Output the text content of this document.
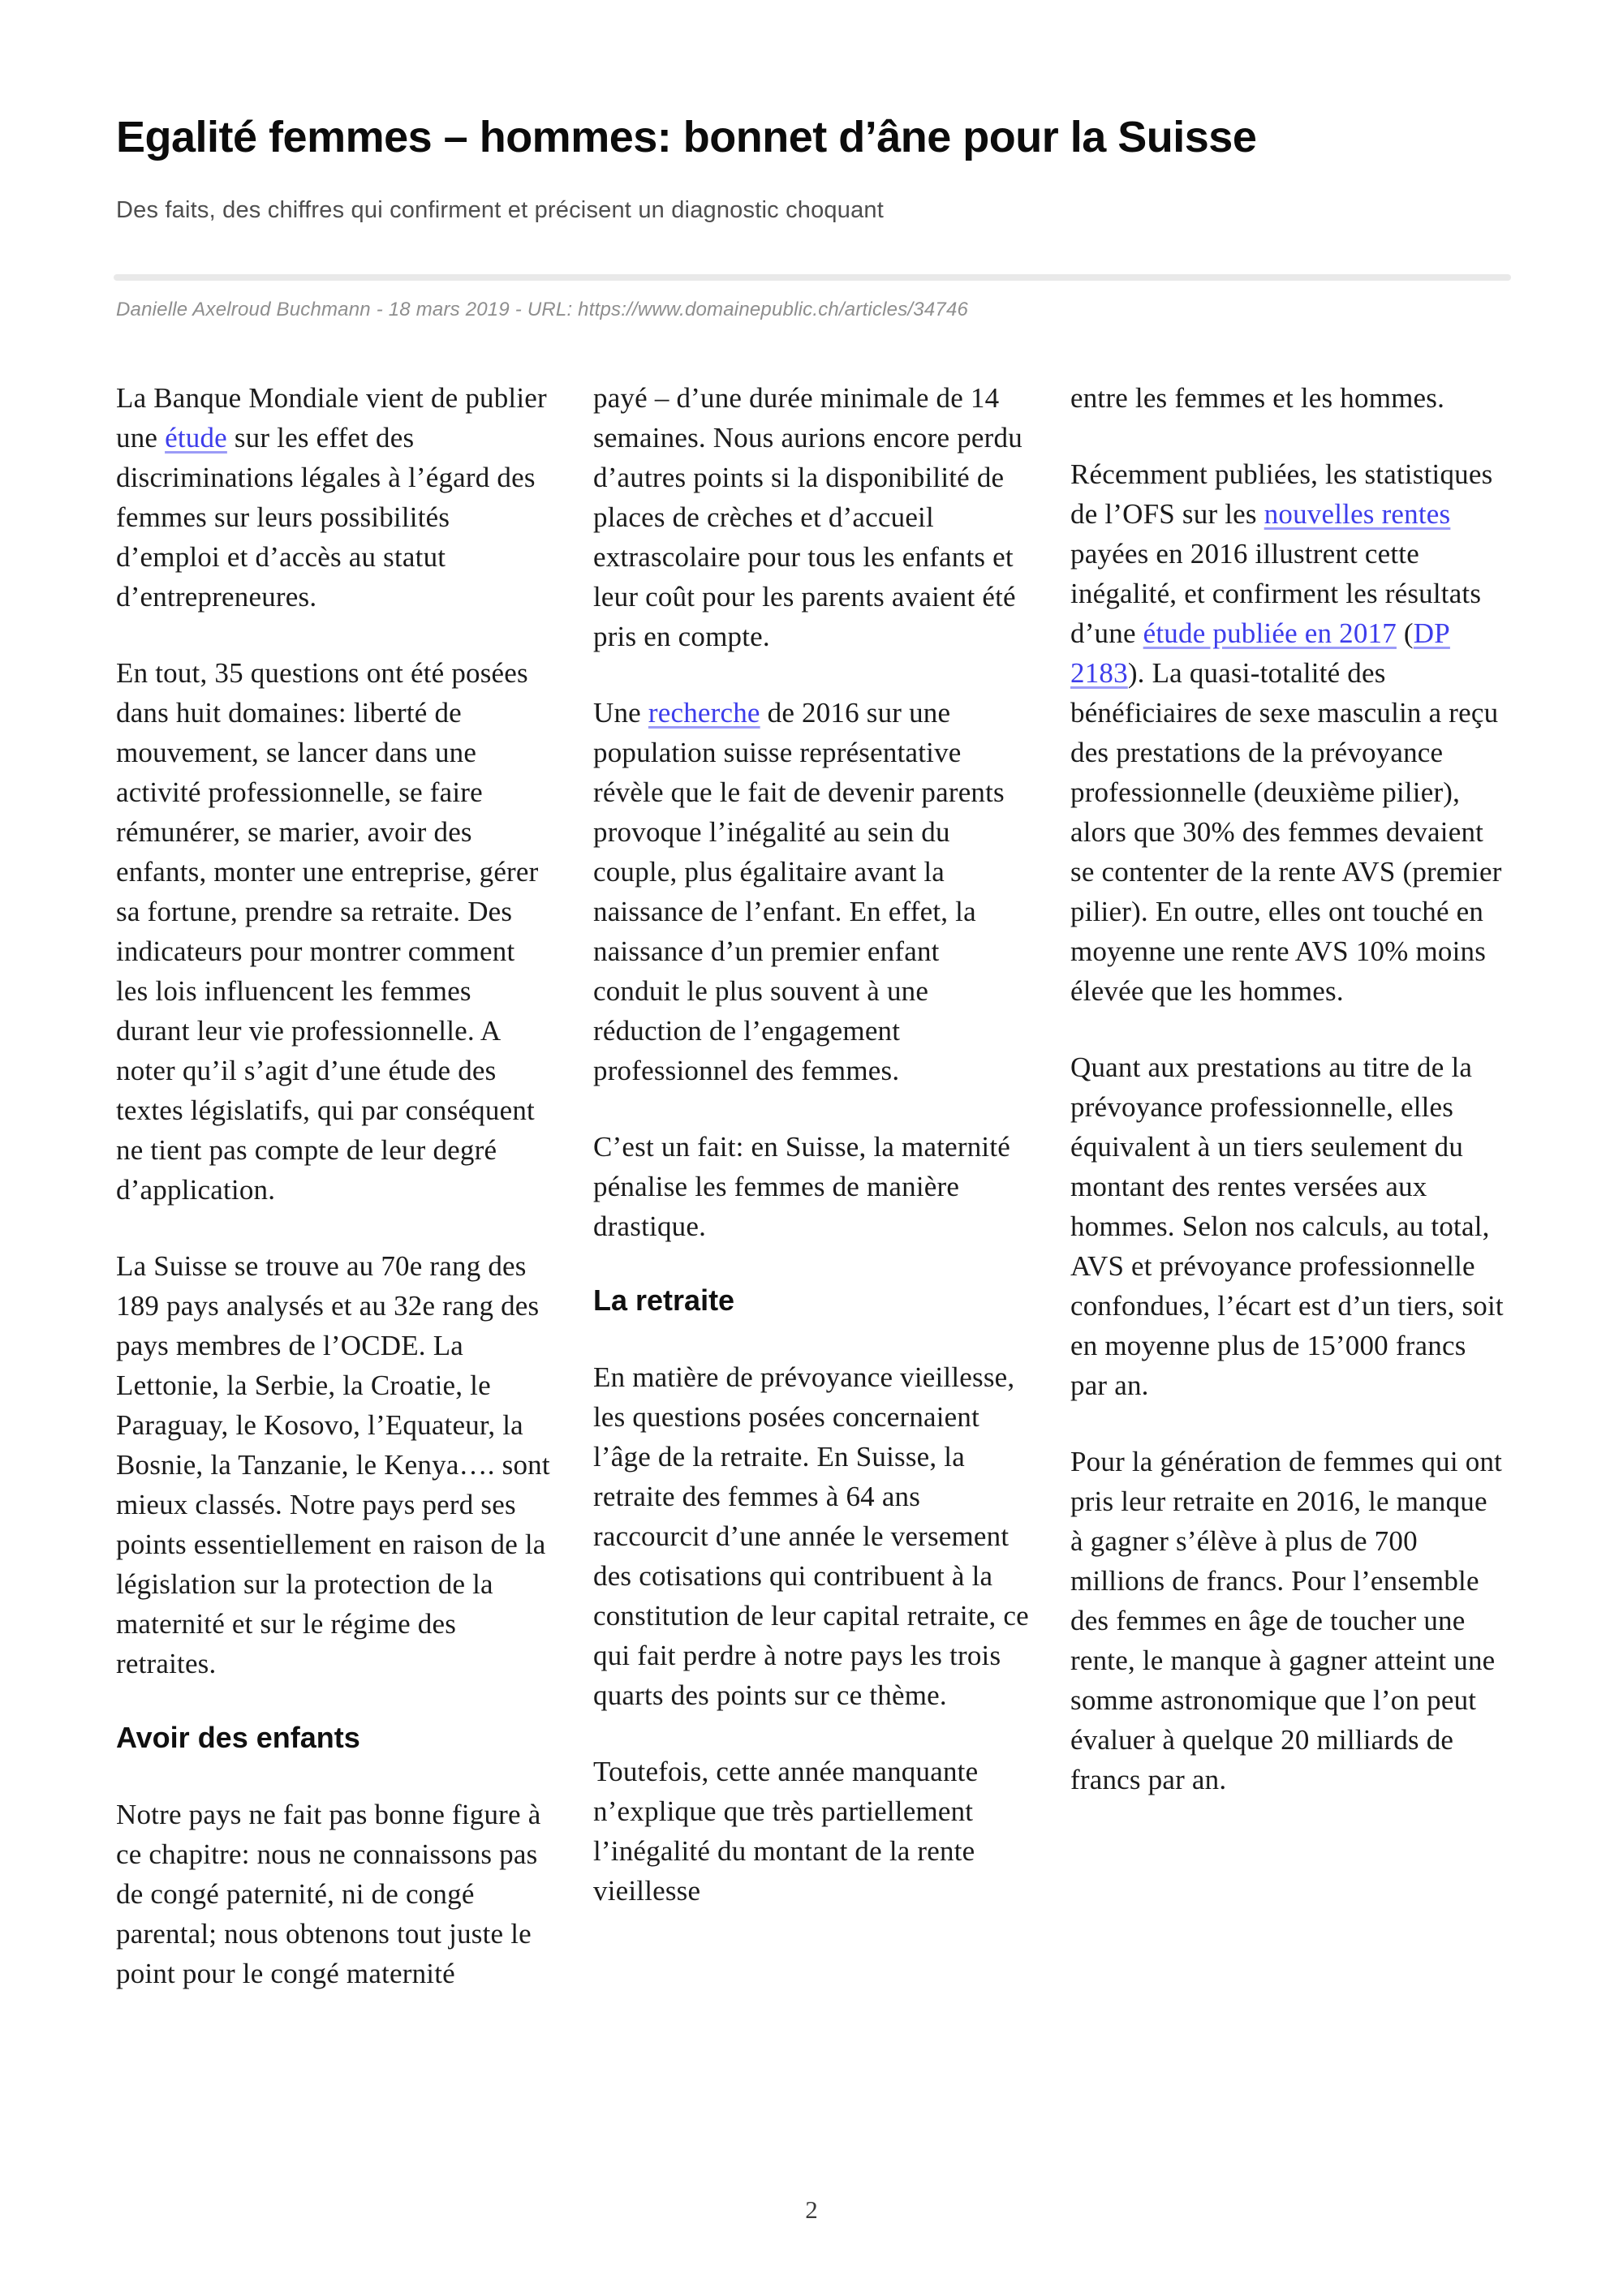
Egalité femmes – hommes: bonnet d’âne pour la Suisse

Des faits, des chiffres qui confirment et précisent un diagnostic choquant

Danielle Axelroud Buchmann - 18 mars 2019 - URL: https://www.domainepublic.ch/articles/34746

La Banque Mondiale vient de publier une étude sur les effet des discriminations légales à l’égard des femmes sur leurs possibilités d’emploi et d’accès au statut d’entrepreneures.

En tout, 35 questions ont été posées dans huit domaines: liberté de mouvement, se lancer dans une activité professionnelle, se faire rémunérer, se marier, avoir des enfants, monter une entreprise, gérer sa fortune, prendre sa retraite. Des indicateurs pour montrer comment les lois influencent les femmes durant leur vie professionnelle. A noter qu’il s’agit d’une étude des textes législatifs, qui par conséquent ne tient pas compte de leur degré d’application.

La Suisse se trouve au 70e rang des 189 pays analysés et au 32e rang des pays membres de l’OCDE. La Lettonie, la Serbie, la Croatie, le Paraguay, le Kosovo, l’Equateur, la Bosnie, la Tanzanie, le Kenya…. sont mieux classés. Notre pays perd ses points essentiellement en raison de la législation sur la protection de la maternité et sur le régime des retraites.

Avoir des enfants

Notre pays ne fait pas bonne figure à ce chapitre: nous ne connaissons pas de congé paternité, ni de congé parental; nous obtenons tout juste le point pour le congé maternité

payé – d’une durée minimale de 14 semaines. Nous aurions encore perdu d’autres points si la disponibilité de places de crèches et d’accueil extrascolaire pour tous les enfants et leur coût pour les parents avaient été pris en compte.

Une recherche de 2016 sur une population suisse représentative révèle que le fait de devenir parents provoque l’inégalité au sein du couple, plus égalitaire avant la naissance de l’enfant. En effet, la naissance d’un premier enfant conduit le plus souvent à une réduction de l’engagement professionnel des femmes.

C’est un fait: en Suisse, la maternité pénalise les femmes de manière drastique.

La retraite

En matière de prévoyance vieillesse, les questions posées concernaient l’âge de la retraite. En Suisse, la retraite des femmes à 64 ans raccourcit d’une année le versement des cotisations qui contribuent à la constitution de leur capital retraite, ce qui fait perdre à notre pays les trois quarts des points sur ce thème.

Toutefois, cette année manquante n’explique que très partiellement l’inégalité du montant de la rente vieillesse

entre les femmes et les hommes.

Récemment publiées, les statistiques de l’OFS sur les nouvelles rentes payées en 2016 illustrent cette inégalité, et confirment les résultats d’une étude publiée en 2017 (DP 2183). La quasi-totalité des bénéficiaires de sexe masculin a reçu des prestations de la prévoyance professionnelle (deuxième pilier), alors que 30% des femmes devaient se contenter de la rente AVS (premier pilier). En outre, elles ont touché en moyenne une rente AVS 10% moins élevée que les hommes.

Quant aux prestations au titre de la prévoyance professionnelle, elles équivalent à un tiers seulement du montant des rentes versées aux hommes. Selon nos calculs, au total, AVS et prévoyance professionnelle confondues, l’écart est d’un tiers, soit en moyenne plus de 15’000 francs par an.

Pour la génération de femmes qui ont pris leur retraite en 2016, le manque à gagner s’élève à plus de 700 millions de francs. Pour l’ensemble des femmes en âge de toucher une rente, le manque à gagner atteint une somme astronomique que l’on peut évaluer à quelque 20 milliards de francs par an.

2
